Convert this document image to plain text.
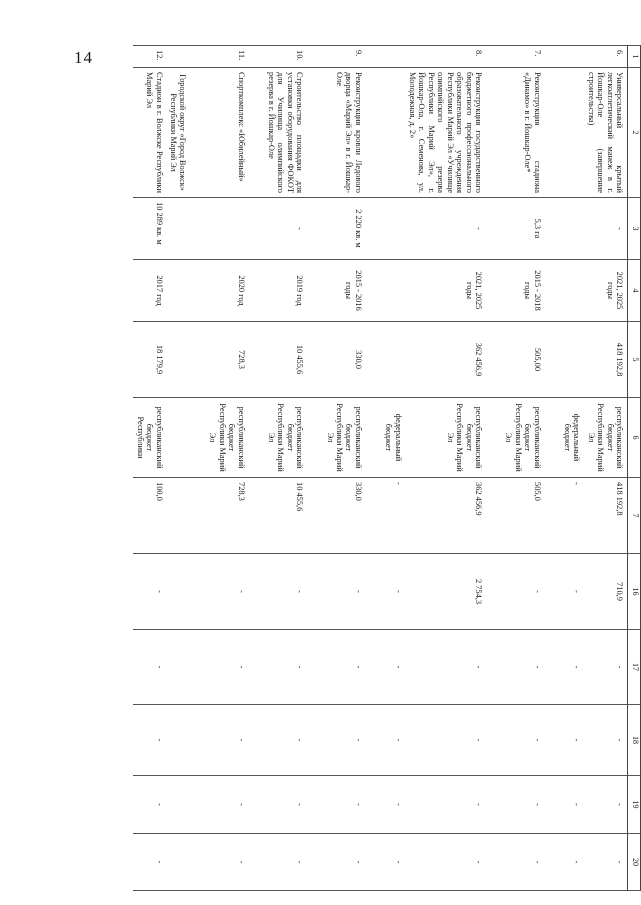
14	1	2	3	4	5	6	7	16	17	18	19	20
6.	Универсальный крытый легкоатлетический манеж в г. Йошкар-Оле (завершение строительства)	-	2021, 2025 годы	418 192,8	республиканский бюджет Республики Марий Эл	418 192,8	710,9	-	-	-	-
					федеральный бюджет	-	-	-	-	-	-
7.	Реконструкция стадиона «Динамо» в г. Йошкар-Оле*	5,3 га	2015 - 2018 годы	505,00	республиканский бюджет Республики Марий Эл	505,0	-	-	-	-	-
8.	Реконструкция государственного бюджетного профессионального образовательного учреждения Республики Марий Эл «Училище олимпийского резерва Республики Марий Эл», г. Йошкар-Ола, г. Семенова, ул. Молодежная, д. 2»	-	2021, 2025 годы	362 456,9	республиканский бюджет Республики Марий Эл	362 456,9	2 754,3	-	-	-	-
					федеральный бюджет	-	-	-	-	-	-
9.	Реконструкция кровли Ледового дворца «Марий Эл» в г. Йошкар-Оле	2 220 кв. м	2015 - 2016 годы	330,0	республиканский бюджет Республики Марий Эл	330,0	-	-	-	-	-
10.	Строительство площадки для установки оборудования ФОКОТ для Училища олимпийского резерва в г. Йошкар-Оле	-	2019 год	10 455,6	республиканский бюджет Республики Марий Эл	10 455,6	-	-	-	-	-
11.	Спорткомплекс «Юбилейный»		2020 год	728,3	республиканский бюджет Республики Марий Эл	728,3	-	-	-	-	-
	Городской округ «Город Волжск» Республики Марий Эл										
12.	Стадион в г. Волжске Республики Марий Эл	10 289 кв. м	2017 год	18 179,9	республиканский бюджет Республики	100,0	-	-	-	-	-
